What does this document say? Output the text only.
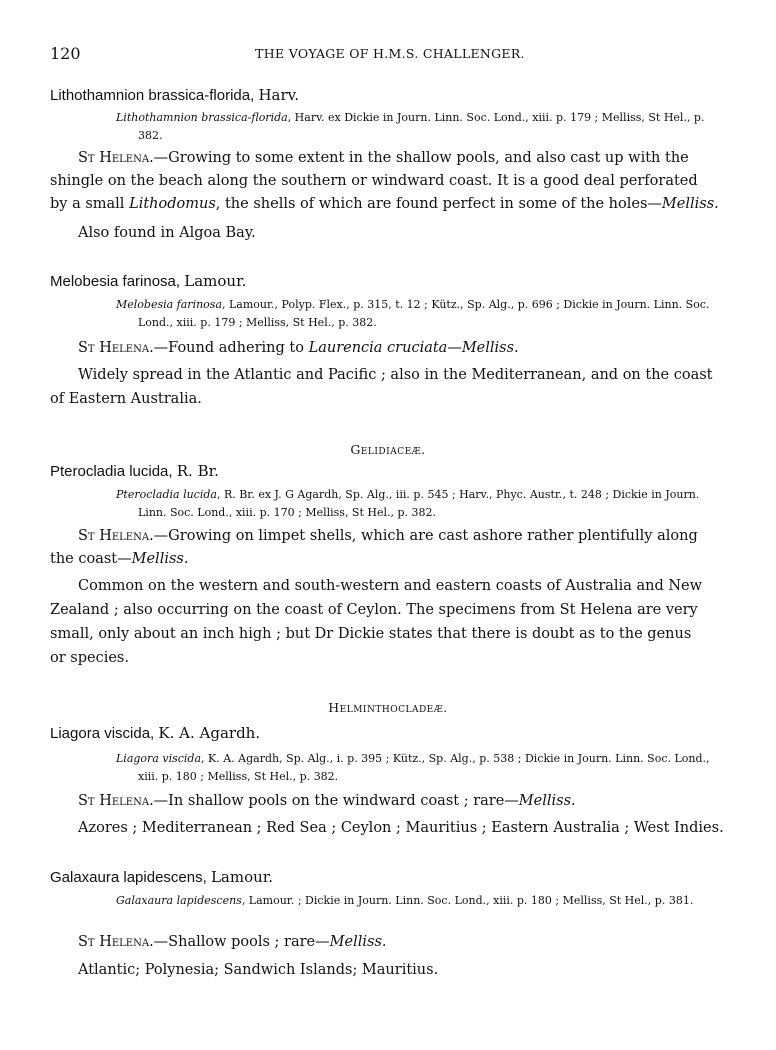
120	THE VOYAGE OF H.M.S. CHALLENGER.
Lithothamnion brassica-florida, Harv.
Lithothamnion brassica-florida, Harv. ex Dickie in Journ. Linn. Soc. Lond., xiii. p. 179 ; Melliss, St Hel., p. 382.
St Helena.—Growing to some extent in the shallow pools, and also cast up with the
shingle on the beach along the southern or windward coast. It is a good deal perforated
by a small Lithodomus, the shells of which are found perfect in some of the holes—Melliss.
Also found in Algoa Bay.
Melobesia farinosa, Lamour.
Melobesia farinosa, Lamour., Polyp. Flex., p. 315, t. 12 ; Kütz., Sp. Alg., p. 696 ; Dickie in Journ. Linn. Soc. Lond., xiii. p. 179 ; Melliss, St Hel., p. 382.
St Helena.—Found adhering to Laurencia cruciata—Melliss.
Widely spread in the Atlantic and Pacific ; also in the Mediterranean, and on the coast
of Eastern Australia.
Gelidiaceæ.
Pterocladia lucida, R. Br.
Pterocladia lucida, R. Br. ex J. G Agardh, Sp. Alg., iii. p. 545 ; Harv., Phyc. Austr., t. 248 ; Dickie in Journ. Linn. Soc. Lond., xiii. p. 170 ; Melliss, St Hel., p. 382.
St Helena.—Growing on limpet shells, which are cast ashore rather plentifully along
the coast—Melliss.
Common on the western and south-western and eastern coasts of Australia and New
Zealand ; also occurring on the coast of Ceylon. The specimens from St Helena are very
small, only about an inch high ; but Dr Dickie states that there is doubt as to the genus
or species.
Helminthocladeæ.
Liagora viscida, K. A. Agardh.
Liagora viscida, K. A. Agardh, Sp. Alg., i. p. 395 ; Kütz., Sp. Alg., p. 538 ; Dickie in Journ. Linn. Soc. Lond., xiii. p. 180 ; Melliss, St Hel., p. 382.
St Helena.—In shallow pools on the windward coast ; rare—Melliss.
Azores ; Mediterranean ; Red Sea ; Ceylon ; Mauritius ; Eastern Australia ; West Indies.
Galaxaura lapidescens, Lamour.
Galaxaura lapidescens, Lamour. ; Dickie in Journ. Linn. Soc. Lond., xiii. p. 180 ; Melliss, St Hel., p. 381.
St Helena.—Shallow pools ; rare—Melliss.
Atlantic; Polynesia; Sandwich Islands; Mauritius.
